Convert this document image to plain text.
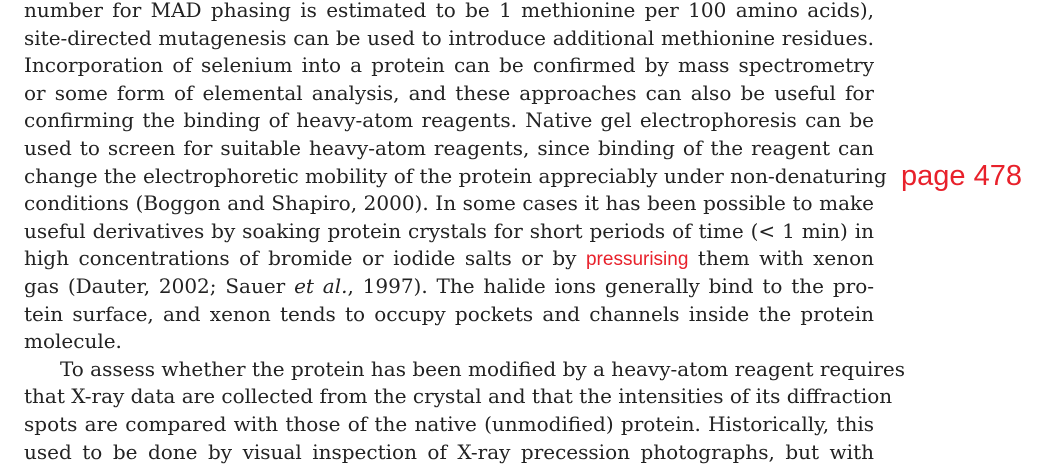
number for MAD phasing is estimated to be 1 methionine per 100 amino acids),
site-directed mutagenesis can be used to introduce additional methionine residues.
Incorporation of selenium into a protein can be confirmed by mass spectrometry
or some form of elemental analysis, and these approaches can also be useful for
confirming the binding of heavy-atom reagents. Native gel electrophoresis can be
used to screen for suitable heavy-atom reagents, since binding of the reagent can
change the electrophoretic mobility of the protein appreciably under non-denaturing
conditions (Boggon and Shapiro, 2000). In some cases it has been possible to make
useful derivatives by soaking protein crystals for short periods of time (< 1 min) in
high concentrations of bromide or iodide salts or by pressurising them with xenon
gas (Dauter, 2002; Sauer et al., 1997). The halide ions generally bind to the pro-
tein surface, and xenon tends to occupy pockets and channels inside the protein
molecule.
To assess whether the protein has been modified by a heavy-atom reagent requires
that X-ray data are collected from the crystal and that the intensities of its diffraction
spots are compared with those of the native (unmodified) protein. Historically, this
used to be done by visual inspection of X-ray precession photographs, but with
page 478
